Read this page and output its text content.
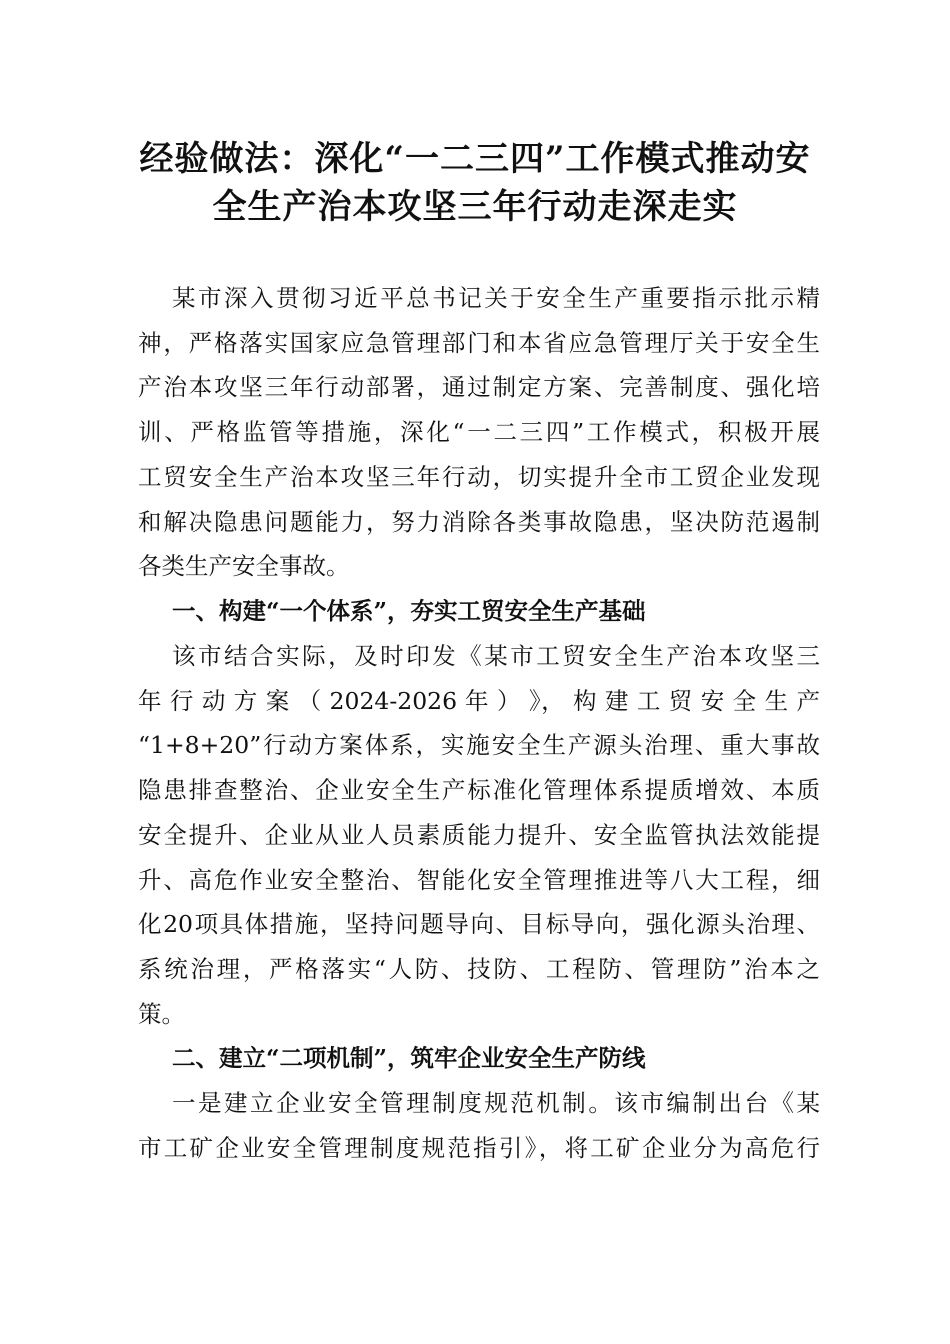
经验做法：深化“一二三四”工作模式推动安
全生产治本攻坚三年行动走深走实
某市深入贯彻习近平总书记关于安全生产重要指示批示精
神，严格落实国家应急管理部门和本省应急管理厅关于安全生
产治本攻坚三年行动部署，通过制定方案、完善制度、强化培
训、严格监管等措施，深化“一二三四”工作模式，积极开展
工贸安全生产治本攻坚三年行动，切实提升全市工贸企业发现
和解决隐患问题能力，努力消除各类事故隐患，坚决防范遏制
各类生产安全事故。
一、构建“一个体系”，夯实工贸安全生产基础
该市结合实际，及时印发《某市工贸安全生产治本攻坚三
年 行 动 方 案 （ 2024-2026 年 ） 》， 构 建 工 贸 安 全 生 产
“1+8+20”行动方案体系，实施安全生产源头治理、重大事故
隐患排查整治、企业安全生产标准化管理体系提质增效、本质
安全提升、企业从业人员素质能力提升、安全监管执法效能提
升、高危作业安全整治、智能化安全管理推进等八大工程，细
化20项具体措施，坚持问题导向、目标导向，强化源头治理、
系统治理，严格落实“人防、技防、工程防、管理防”治本之
策。
二、建立“二项机制”，筑牢企业安全生产防线
一是建立企业安全管理制度规范机制。该市编制出台《某
市工矿企业安全管理制度规范指引》，将工矿企业分为高危行
